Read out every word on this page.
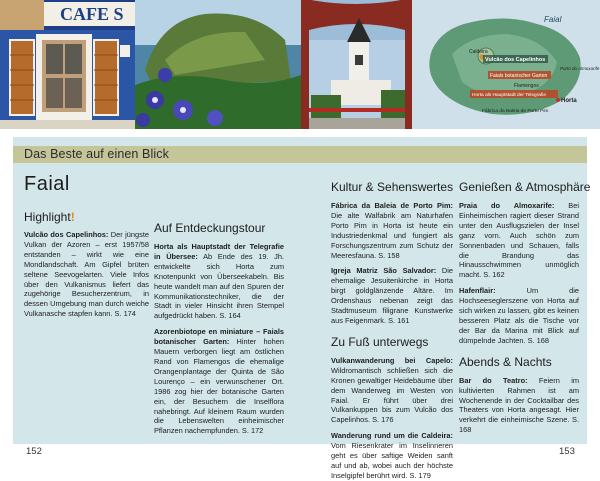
CAFE S	Faial
Caldeira
Vulcão dos Capelinhos
Faials botanischer Garten
Flamengos
Horta als Hauptstadt der Telegrafie
Porto do Almoxarife
Fábrica da Baleia de Porto Pim
Horta
Das Beste auf einen Blick
Faial
Highlight!

Vulcão dos Capelinhos: Der jüngste Vulkan der Azoren – erst 1957/58 entstanden – wirkt wie eine Mondlandschaft. Am Gipfel brüten seltene Seevogelarten. Viele Infos über den Vulkanismus liefert das zugehörige Besucherzentrum, in dessen Umgebung man durch weiche Vulkanasche stapfen kann. S. 174

Auf Entdeckungstour

Horta als Hauptstadt der Telegrafie in Übersee: Ab Ende des 19. Jh. entwickelte sich Horta zum Knotenpunkt von Überseekabeln. Bis heute wandelt man auf den Spuren der Kommunikationstechniker, die der Stadt in vieler Hinsicht ihren Stempel aufgedrückt haben. S. 164

Azorenbiotope en miniature – Faials botanischer Garten: Hinter hohen Mauern verborgen liegt am östlichen Rand von Flamengos die ehemalige Orangenplantage der Quinta de São Lourenço – ein verwunschener Ort. 1986 zog hier der botanische Garten ein, der Besuchern die Inselflora nahebringt. Auf kleinem Raum wurden die Lebenswelten einheimischer Pflanzen nachempfunden. S. 172

Kultur & Sehenswertes

Fábrica da Baleia de Porto Pim: Die alte Walfabrik am Naturhafen Porto Pim in Horta ist heute ein Industriedenkmal und fungiert als Forschungszentrum zum Schutz der Meeresfauna. S. 158

Igreja Matriz São Salvador: Die ehemalige Jesuitenkirche in Horta birgt goldglänzende Altäre. Im Ordenshaus nebenan zeigt das Stadtmuseum filigrane Kunstwerke aus Feigenmark. S. 161

Zu Fuß unterwegs

Vulkanwanderung bei Capelo: Wildromantisch schließen sich die Kronen gewaltiger Heidebäume über dem Wanderweg im Westen von Faial. Er führt über drei Vulkankuppen bis zum Vulcão dos Capelinhos. S. 176

Wanderung rund um die Caldeira: Vom Riesenkrater im Inselinneren geht es über saftige Weiden sanft auf und ab, wobei auch der höchste Inselgipfel berührt wird. S. 179

Genießen & Atmosphäre

Praia do Almoxarife: Bei Einheimischen ragiert dieser Strand unter den Ausflugszielen der Insel ganz vorn. Auch schön zum Sonnenbaden und Schauen, falls die Brandung das Hinausschwimmen unmöglich macht. S. 162

Hafenflair: Um die Hochseeseglerszene von Horta auf sich wirken zu lassen, gibt es keinen besseren Platz als die Tische vor der Bar da Marina mit Blick auf dümpelnde Jachten. S. 168

Abends & Nachts

Bar do Teatro: Feiern im kultivierten Rahmen ist am Wochenende in der Cocktailbar des Theaters von Horta angesagt. Hier verkehrt die einheimische Szene. S. 168

152	153
